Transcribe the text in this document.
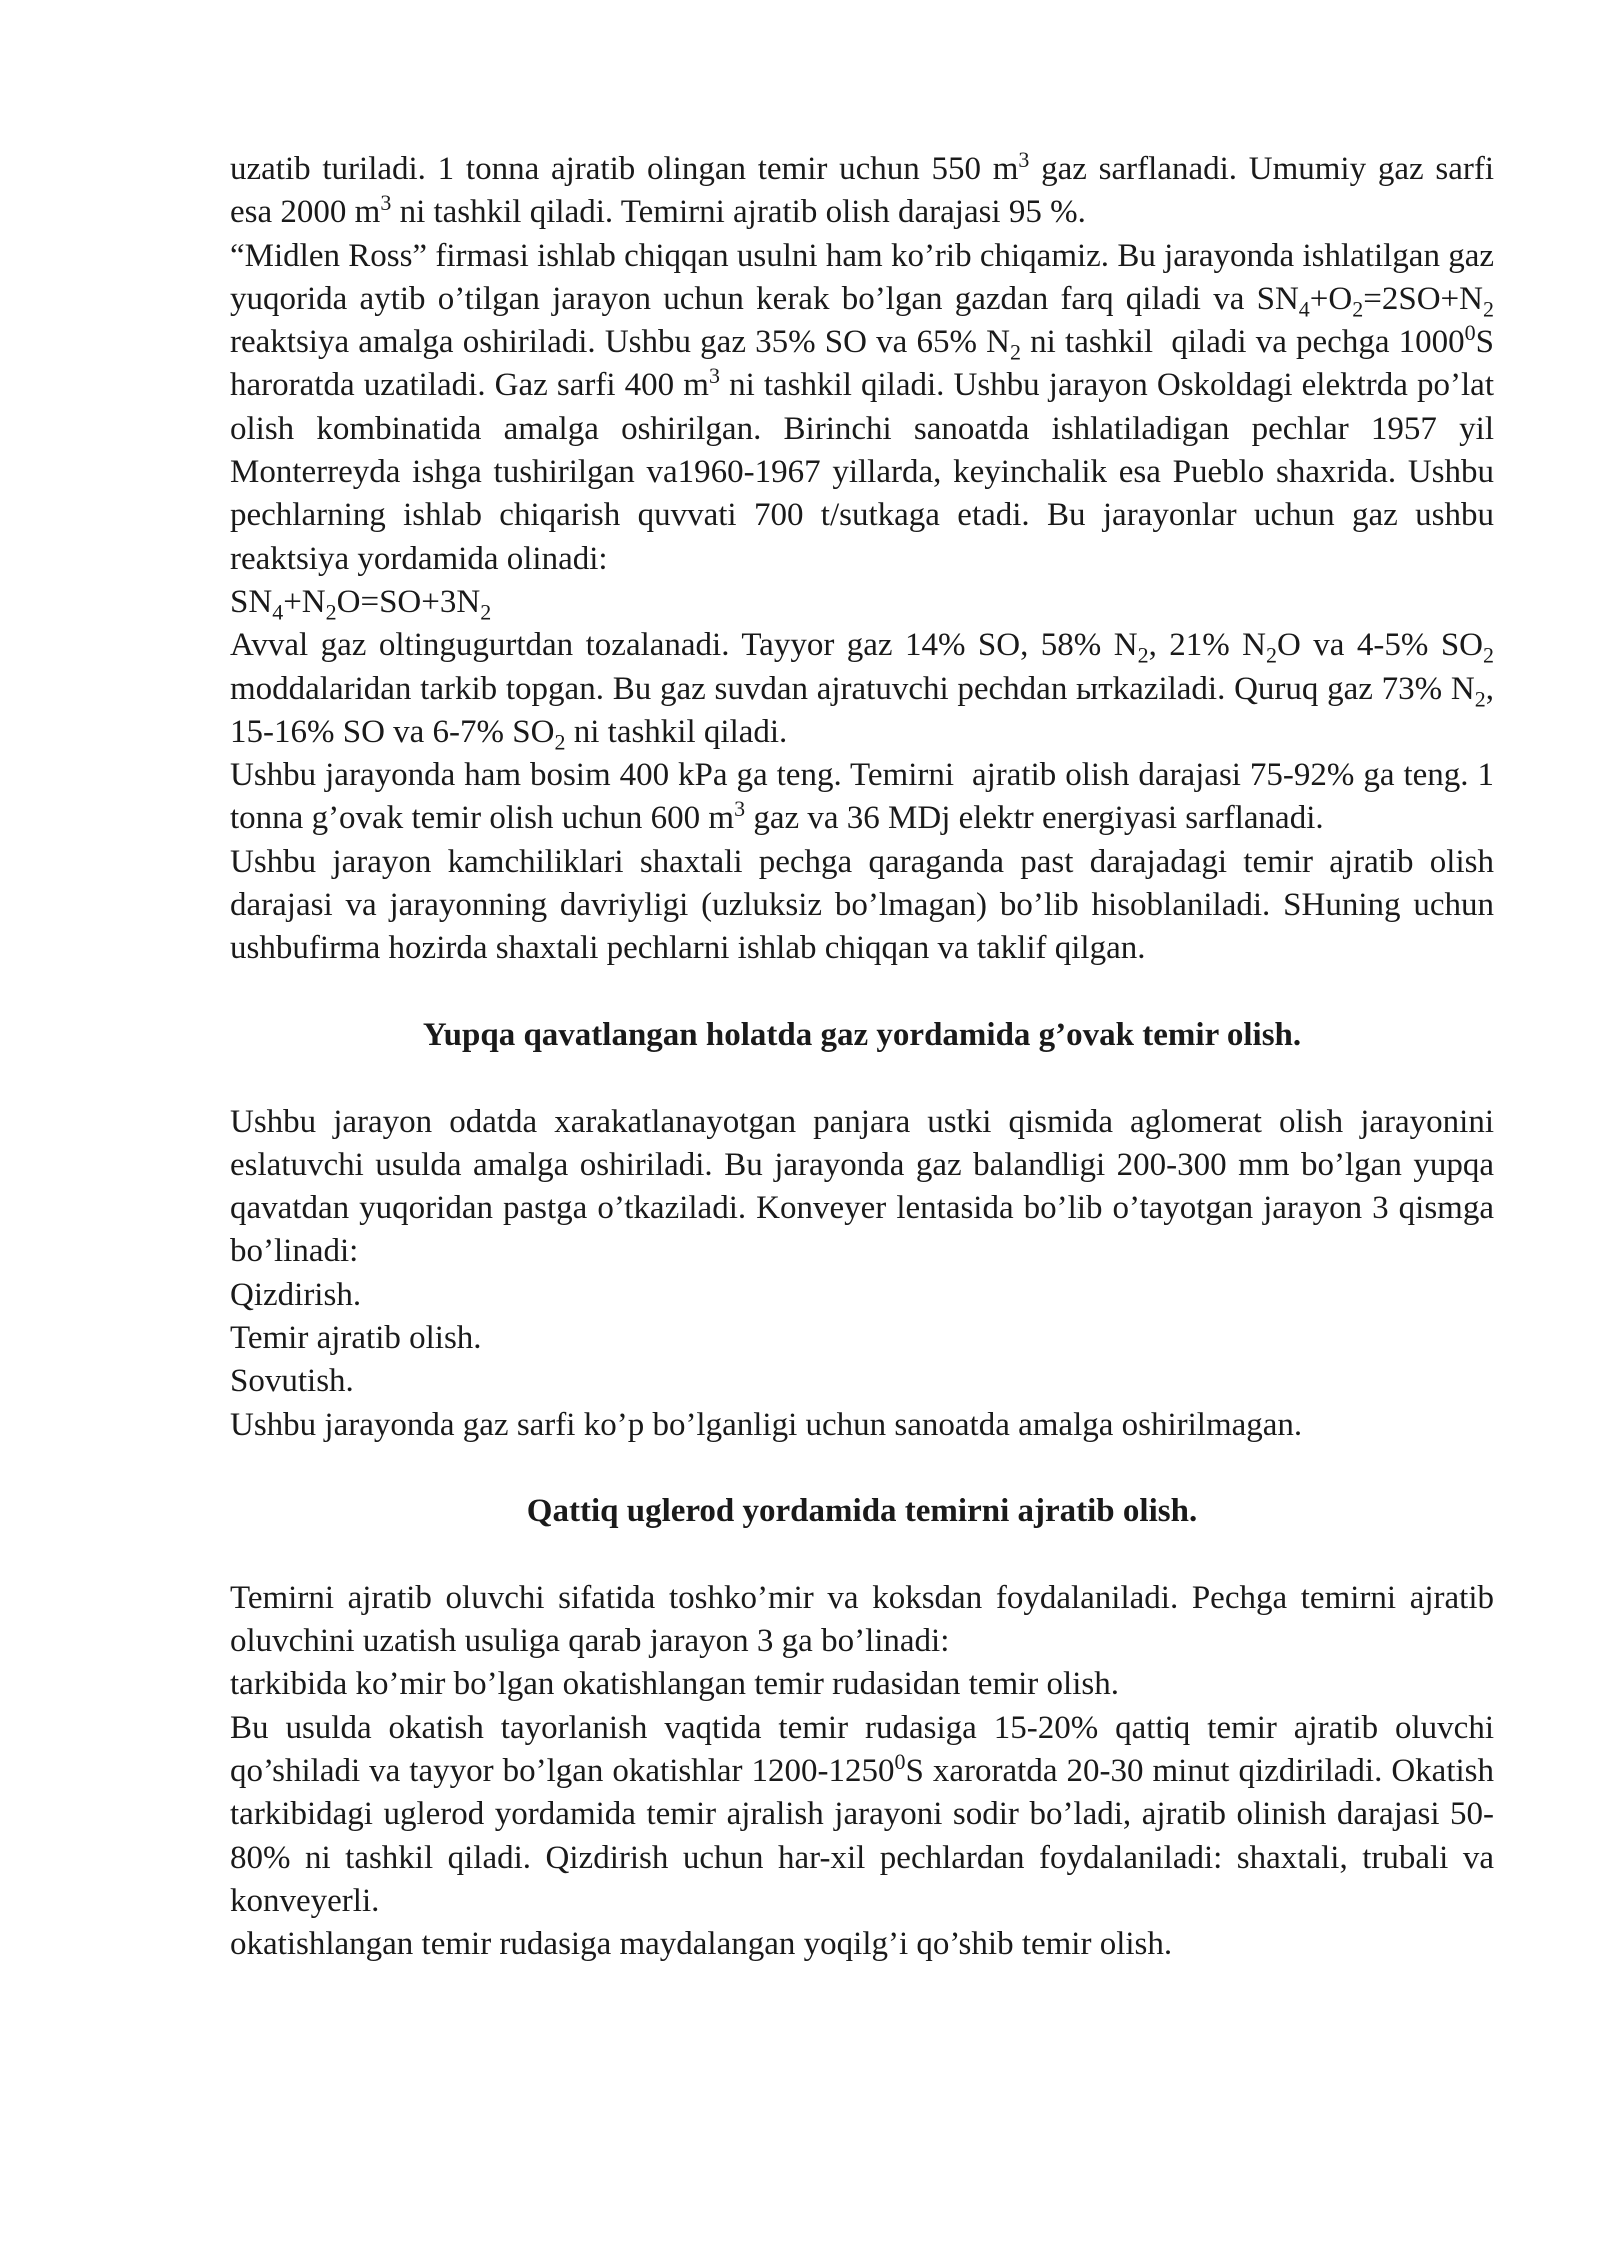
uzatib turiladi. 1 tonna ajratib olingan temir uchun 550 $m^3$ gaz sarflanadi. Umumiy gaz sarfi esa 2000 $m^3$ ni tashkil qiladi. Temirni ajratib olish darajasi 95 %.

“Midlen Ross” firmasi ishlab chiqqan usulni ham ko’rib chiqamiz. Bu jarayonda ishlatilgan gaz yuqorida aytib o’tilgan jarayon uchun kerak bo’lgan gazdan farq qiladi va $SN_4+O_2=2SO+N_2$ reaktsiya amalga oshiriladi. Ushbu gaz 35% SO va 65% $N_2$ ni tashkil  qiladi va pechga 1000$^0$S haroratda uzatiladi. Gaz sarfi 400 $m^3$ ni tashkil qiladi. Ushbu jarayon Oskoldagi elektrda po’lat olish kombinatida amalga oshirilgan. Birinchi sanoatda ishlatiladigan pechlar 1957 yil Monterreyda ishga tushirilgan va1960-1967 yillarda, keyinchalik esa Pueblo shaxrida. Ushbu pechlarning ishlab chiqarish quvvati 700 t/sutkaga etadi. Bu jarayonlar uchun gaz ushbu reaktsiya yordamida olinadi:

$SN_4+N_2O=SO+3N_2$

Avval gaz oltingugurtdan tozalanadi. Tayyor gaz 14% SO, 58% $N_2$, 21% $N_2O$ va 4-5% $SO_2$ moddalaridan tarkib topgan. Bu gaz suvdan ajratuvchi pechdan ытkaziladi. Quruq gaz 73% $N_2$, 15-16% SO va 6-7% $SO_2$ ni tashkil qiladi.

Ushbu jarayonda ham bosim 400 kPa ga teng. Temirni  ajratib olish darajasi 75-92% ga teng. 1 tonna g’ovak temir olish uchun 600 $m^3$ gaz va 36 MDj elektr energiyasi sarflanadi.

Ushbu jarayon kamchiliklari shaxtali pechga qaraganda past darajadagi temir ajratib olish darajasi va jarayonning davriyligi (uzluksiz bo’lmagan) bo’lib hisoblaniladi. SHuning uchun ushbufirma hozirda shaxtali pechlarni ishlab chiqqan va taklif qilgan.

Yupqa qavatlangan holatda gaz yordamida g’ovak temir olish.

Ushbu jarayon odatda xarakatlanayotgan panjara ustki qismida aglomerat olish jarayonini eslatuvchi usulda amalga oshiriladi. Bu jarayonda gaz balandligi 200-300 mm bo’lgan yupqa qavatdan yuqoridan pastga o’tkaziladi. Konveyer lentasida bo’lib o’tayotgan jarayon 3 qismga bo’linadi:

Qizdirish.

Temir ajratib olish.

Sovutish.

Ushbu jarayonda gaz sarfi ko’p bo’lganligi uchun sanoatda amalga oshirilmagan.

Qattiq uglerod yordamida temirni ajratib olish.

Temirni ajratib oluvchi sifatida toshko’mir va koksdan foydalaniladi. Pechga temirni ajratib oluvchini uzatish usuliga qarab jarayon 3 ga bo’linadi:

tarkibida ko’mir bo’lgan okatishlangan temir rudasidan temir olish.

Bu usulda okatish tayorlanish vaqtida temir rudasiga 15-20% qattiq temir ajratib oluvchi qo’shiladi va tayyor bo’lgan okatishlar 1200-1250$^0$S xaroratda 20-30 minut qizdiriladi. Okatish tarkibidagi uglerod yordamida temir ajralish jarayoni sodir bo’ladi, ajratib olinish darajasi 50-80% ni tashkil qiladi. Qizdirish uchun har-xil pechlardan foydalaniladi: shaxtali, trubali va konveyerli.

okatishlangan temir rudasiga maydalangan yoqilg’i qo’shib temir olish.
